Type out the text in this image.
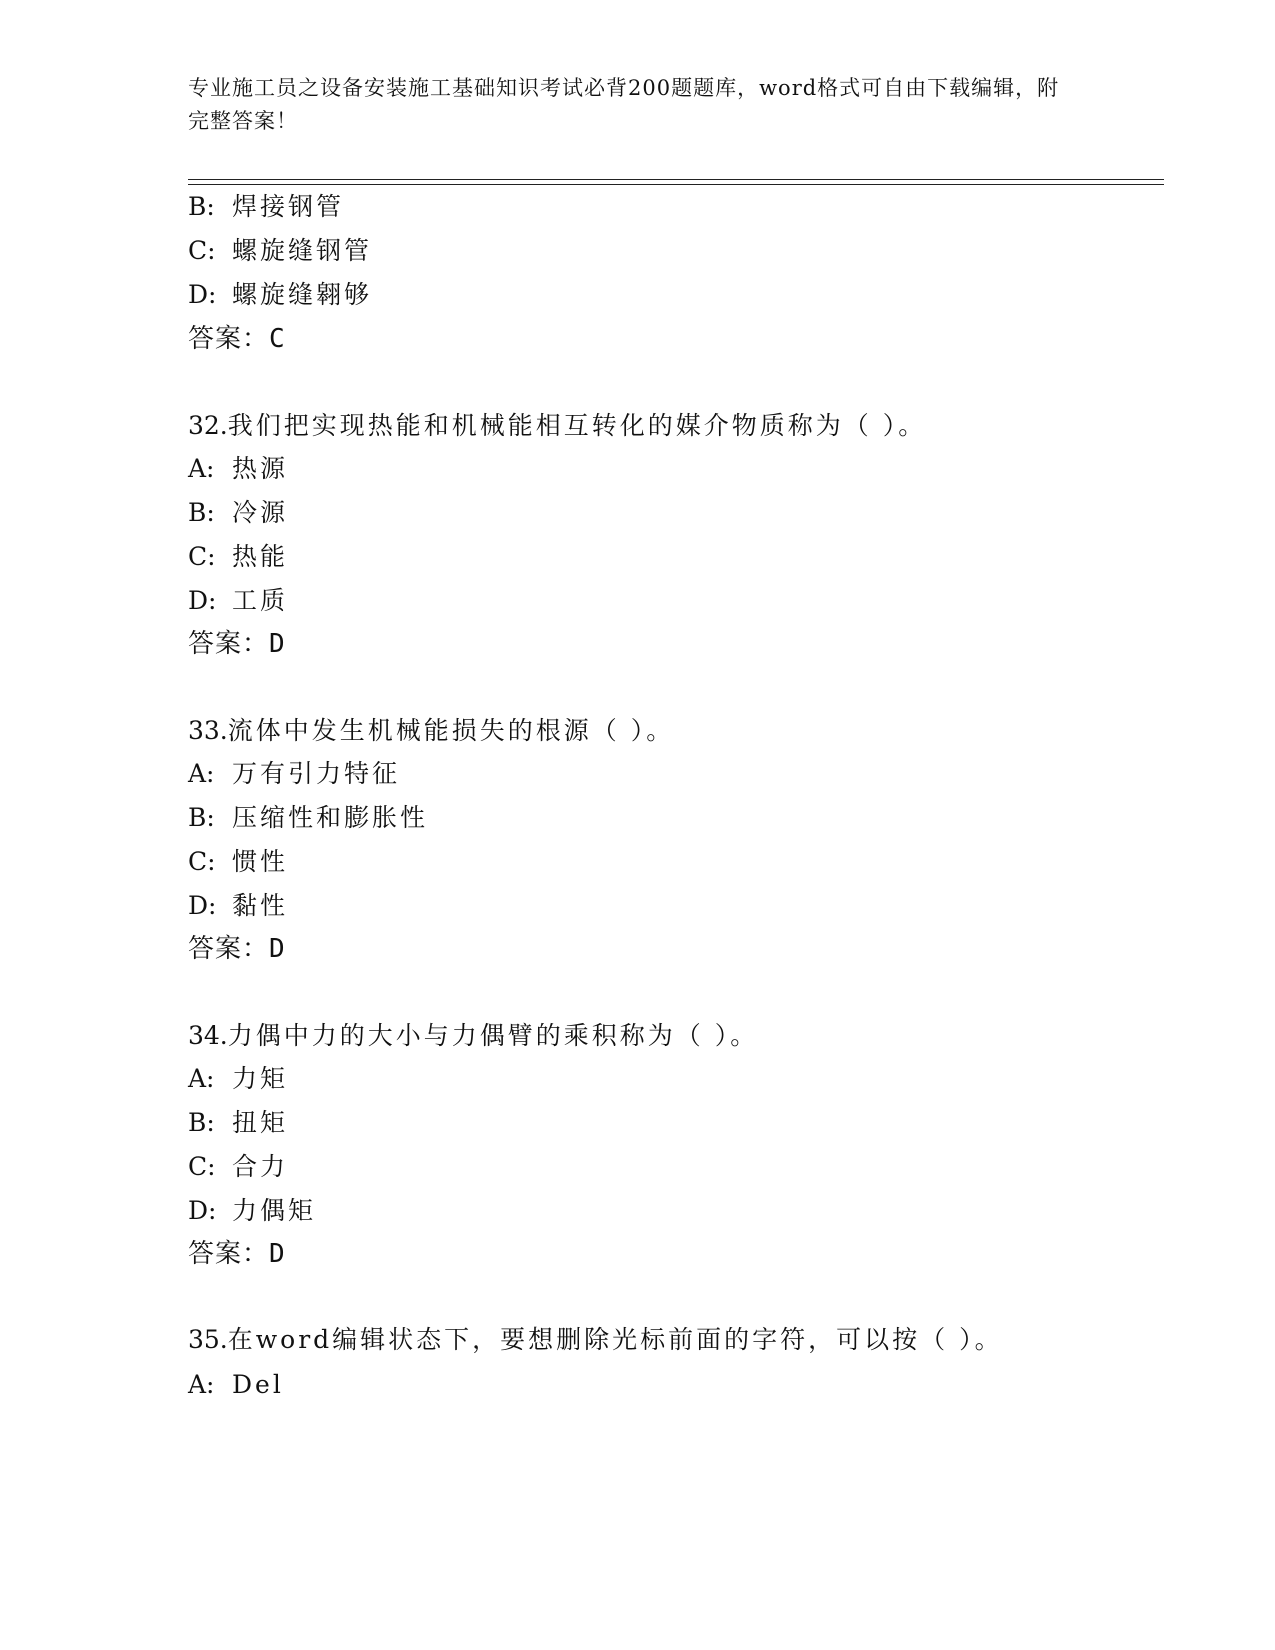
专业施工员之设备安装施工基础知识考试必背200题题库，word格式可自由下载编辑，附完整答案！
B: 焊接钢管
C: 螺旋缝钢管
D: 螺旋缝翱够
答案：C
32.我们把实现热能和机械能相互转化的媒介物质称为（ ）。
A: 热源
B: 冷源
C: 热能
D: 工质
答案：D
33.流体中发生机械能损失的根源（ ）。
A: 万有引力特征
B: 压缩性和膨胀性
C: 惯性
D: 黏性
答案：D
34.力偶中力的大小与力偶臂的乘积称为（ ）。
A: 力矩
B: 扭矩
C: 合力
D: 力偶矩
答案：D
35.在word编辑状态下，要想删除光标前面的字符，可以按（ ）。
A: Del
